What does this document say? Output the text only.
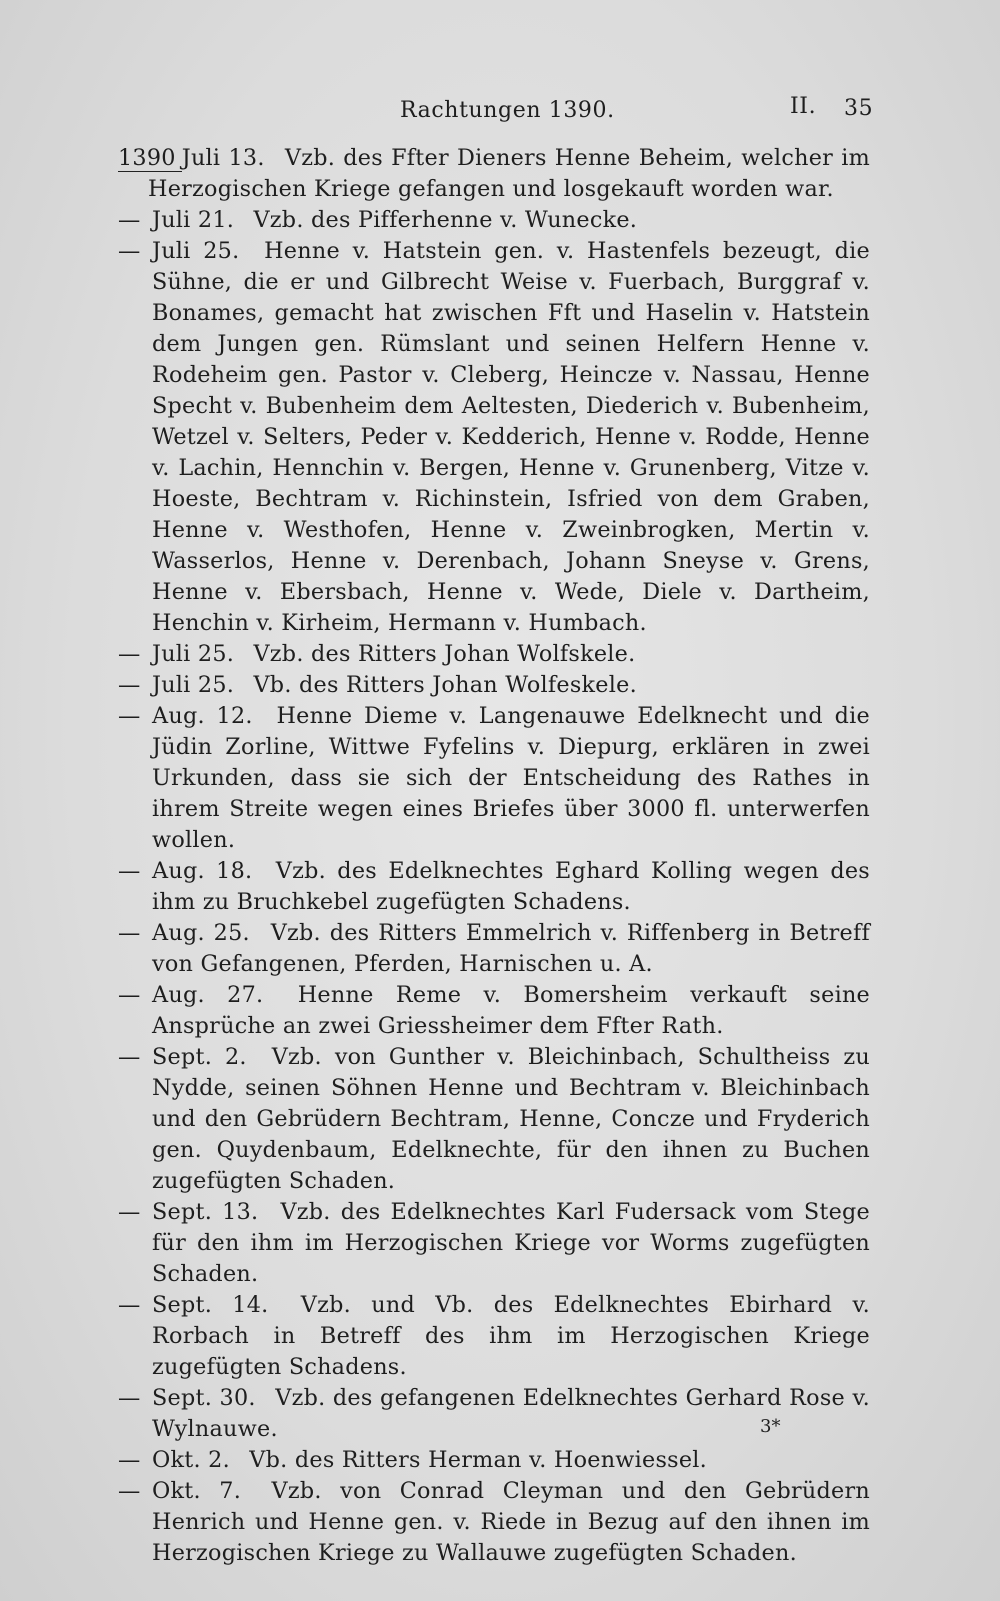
Rachtungen 1390.	II. 35
1390 Juli 13. Vzb. des Ffter Dieners Henne Beheim, welcher im Herzogischen Kriege gefangen und losgekauft worden war.
— Juli 21. Vzb. des Pifferhenne v. Wunecke.
— Juli 25. Henne v. Hatstein gen. v. Hastenfels bezeugt, die Sühne, die er und Gilbrecht Weise v. Fuerbach, Burggraf v. Bonames, gemacht hat zwischen Fft und Haselin v. Hatstein dem Jungen gen. Rümslant und seinen Helfern Henne v. Rodeheim gen. Pastor v. Cleberg, Heincze v. Nassau, Henne Specht v. Bubenheim dem Aeltesten, Diederich v. Bubenheim, Wetzel v. Selters, Peder v. Kedderich, Henne v. Rodde, Henne v. Lachin, Hennchin v. Bergen, Henne v. Grunenberg, Vitze v. Hoeste, Bechtram v. Richinstein, Isfried von dem Graben, Henne v. Westhofen, Henne v. Zweinbrogken, Mertin v. Wasserlos, Henne v. Derenbach, Johann Sneyse v. Grens, Henne v. Ebersbach, Henne v. Wede, Diele v. Dartheim, Henchin v. Kirheim, Hermann v. Humbach.
— Juli 25. Vzb. des Ritters Johan Wolfskele.
— Juli 25. Vb. des Ritters Johan Wolfeskele.
— Aug. 12. Henne Dieme v. Langenauwe Edelknecht und die Jüdin Zorline, Wittwe Fyfelins v. Diepurg, erklären in zwei Urkunden, dass sie sich der Entscheidung des Rathes in ihrem Streite wegen eines Briefes über 3000 fl. unterwerfen wollen.
— Aug. 18. Vzb. des Edelknechtes Eghard Kolling wegen des ihm zu Bruchkebel zugefügten Schadens.
— Aug. 25. Vzb. des Ritters Emmelrich v. Riffenberg in Betreff von Gefangenen, Pferden, Harnischen u. A.
— Aug. 27. Henne Reme v. Bomersheim verkauft seine Ansprüche an zwei Griessheimer dem Ffter Rath.
— Sept. 2. Vzb. von Gunther v. Bleichinbach, Schultheiss zu Nydde, seinen Söhnen Henne und Bechtram v. Bleichinbach und den Gebrüdern Bechtram, Henne, Concze und Fryderich gen. Quydenbaum, Edelknechte, für den ihnen zu Buchen zugefügten Schaden.
— Sept. 13. Vzb. des Edelknechtes Karl Fudersack vom Stege für den ihm im Herzogischen Kriege vor Worms zugefügten Schaden.
— Sept. 14. Vzb. und Vb. des Edelknechtes Ebirhard v. Rorbach in Betreff des ihm im Herzogischen Kriege zugefügten Schadens.
— Sept. 30. Vzb. des gefangenen Edelknechtes Gerhard Rose v. Wylnauwe.
— Okt. 2. Vb. des Ritters Herman v. Hoenwiessel.
— Okt. 7. Vzb. von Conrad Cleyman und den Gebrüdern Henrich und Henne gen. v. Riede in Bezug auf den ihnen im Herzogischen Kriege zu Wallauwe zugefügten Schaden.
3*
